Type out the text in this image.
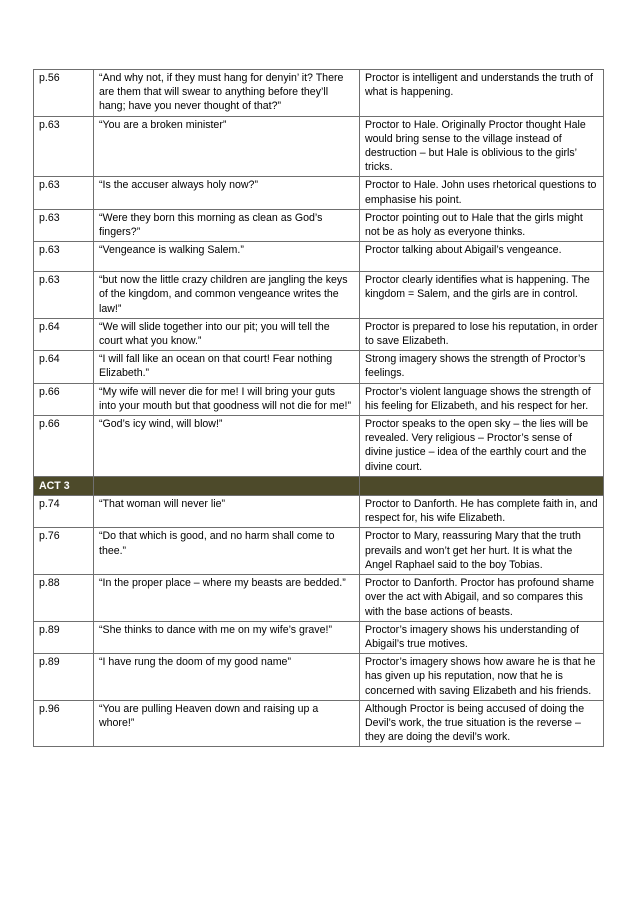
p.56	“And why not, if they must hang for denyin’ it? There are them that will swear to anything before they’ll hang; have you never thought of that?”	Proctor is intelligent and understands the truth of what is happening.
p.63	“You are a broken minister”	Proctor to Hale. Originally Proctor thought Hale would bring sense to the village instead of destruction – but Hale is oblivious to the girls’ tricks.
p.63	“Is the accuser always holy now?”	Proctor to Hale. John uses rhetorical questions to emphasise his point.
p.63	“Were they born this morning as clean as God’s fingers?”	Proctor pointing out to Hale that the girls might not be as holy as everyone thinks.
p.63	“Vengeance is walking Salem.”	Proctor talking about Abigail’s vengeance.
p.63	“but now the little crazy children are jangling the keys of the kingdom, and common vengeance writes the law!”	Proctor clearly identifies what is happening. The kingdom = Salem, and the girls are in control.
p.64	“We will slide together into our pit; you will tell the court what you know.”	Proctor is prepared to lose his reputation, in order to save Elizabeth.
p.64	“I will fall like an ocean on that court! Fear nothing Elizabeth.”	Strong imagery shows the strength of Proctor’s feelings.
p.66	“My wife will never die for me! I will bring your guts into your mouth but that goodness will not die for me!”	Proctor’s violent language shows the strength of his feeling for Elizabeth, and his respect for her.
p.66	“God’s icy wind, will blow!”	Proctor speaks to the open sky – the lies will be revealed. Very religious – Proctor’s sense of divine justice – idea of the earthly court and the divine court.
ACT 3		
p.74	“That woman will never lie”	Proctor to Danforth. He has complete faith in, and respect for, his wife Elizabeth.
p.76	“Do that which is good, and no harm shall come to thee.”	Proctor to Mary, reassuring Mary that the truth prevails and won’t get her hurt. It is what the Angel Raphael said to the boy Tobias.
p.88	“In the proper place – where my beasts are bedded.”	Proctor to Danforth. Proctor has profound shame over the act with Abigail, and so compares this with the base actions of beasts.
p.89	“She thinks to dance with me on my wife’s grave!”	Proctor’s imagery shows his understanding of Abigail’s true motives.
p.89	“I have rung the doom of my good name”	Proctor’s imagery shows how aware he is that he has given up his reputation, now that he is concerned with saving Elizabeth and his friends.
p.96	“You are pulling Heaven down and raising up a whore!”	Although Proctor is being accused of doing the Devil’s work, the true situation is the reverse – they are doing the devil’s work.
